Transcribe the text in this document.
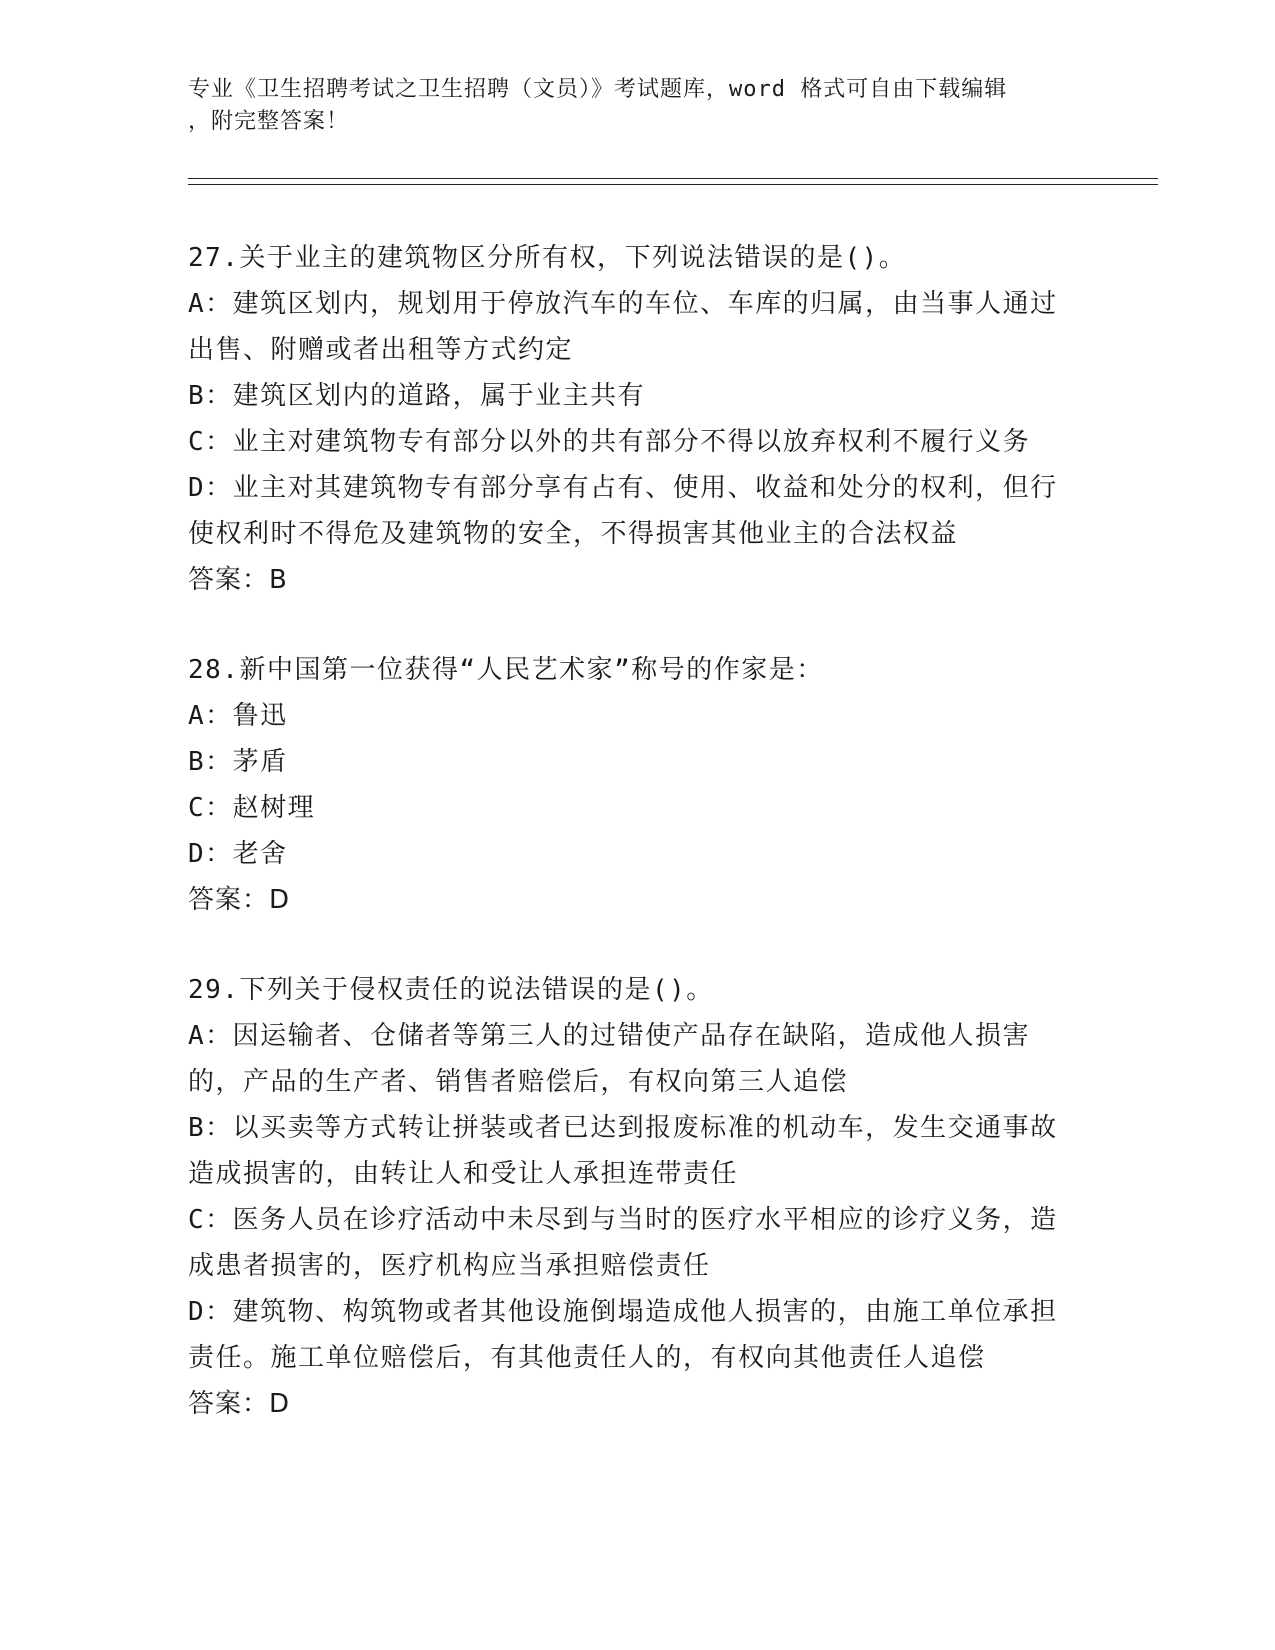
专业《卫生招聘考试之卫生招聘（文员）》考试题库，word 格式可自由下载编辑
，附完整答案！
27.关于业主的建筑物区分所有权，下列说法错误的是()。
A：建筑区划内，规划用于停放汽车的车位、车库的归属，由当事人通过出售、附赠或者出租等方式约定
B：建筑区划内的道路，属于业主共有
C：业主对建筑物专有部分以外的共有部分不得以放弃权利不履行义务
D：业主对其建筑物专有部分享有占有、使用、收益和处分的权利，但行使权利时不得危及建筑物的安全，不得损害其他业主的合法权益
答案：B
28.新中国第一位获得“人民艺术家”称号的作家是：
A：鲁迅
B：茅盾
C：赵树理
D：老舍
答案：D
29.下列关于侵权责任的说法错误的是()。
A：因运输者、仓储者等第三人的过错使产品存在缺陷，造成他人损害的，产品的生产者、销售者赔偿后，有权向第三人追偿
B：以买卖等方式转让拼装或者已达到报废标准的机动车，发生交通事故造成损害的，由转让人和受让人承担连带责任
C：医务人员在诊疗活动中未尽到与当时的医疗水平相应的诊疗义务，造成患者损害的，医疗机构应当承担赔偿责任
D：建筑物、构筑物或者其他设施倒塌造成他人损害的，由施工单位承担责任。施工单位赔偿后，有其他责任人的，有权向其他责任人追偿
答案：D
